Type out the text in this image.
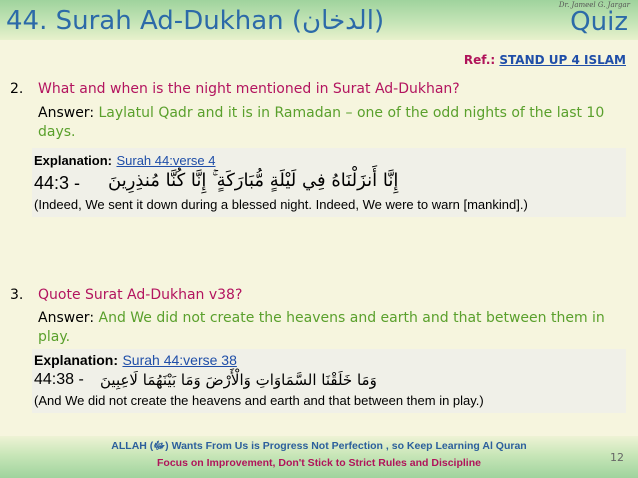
44. Surah Ad-Dukhan (الدخان)	Quiz
Dr. Jameel G. Jargar
Ref.: STAND UP 4 ISLAM
2. What and when is the night mentioned in Surat Ad-Dukhan?
Answer: Laylatul Qadr and it is in Ramadan – one of the odd nights of the last 10 days.
Explanation: Surah 44:verse 4
44:3 - إِنَّا أَنزَلْنَاهُ فِي لَيْلَةٍ مُّبَارَكَةٍ ۚ إِنَّا كُنَّا مُنذِرِينَ
(Indeed, We sent it down during a blessed night. Indeed, We were to warn [mankind].)
3. Quote Surat Ad-Dukhan v38?
Answer: And We did not create the heavens and earth and that between them in play.
Explanation: Surah 44:verse 38
44:38 - وَمَا خَلَقْنَا السَّمَاوَاتِ وَالْأَرْضَ وَمَا بَيْنَهُمَا لَاعِبِينَ
(And We did not create the heavens and earth and that between them in play.)
ALLAH (ﷻ) Wants From Us is Progress Not Perfection , so Keep Learning Al Quran
Focus on Improvement, Don't Stick to Strict Rules and Discipline	12
